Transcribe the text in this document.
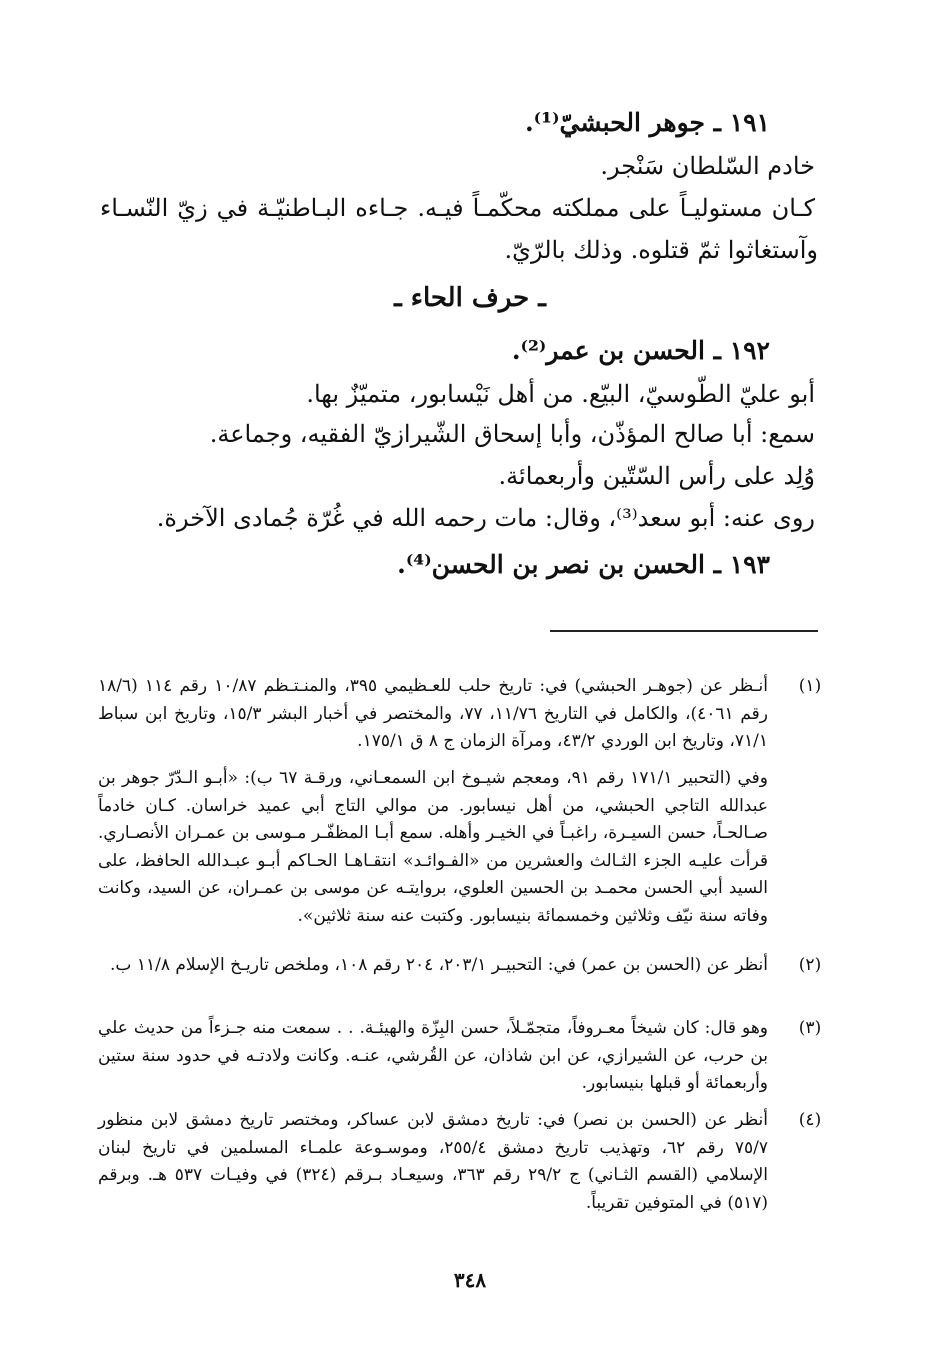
١٩١ ـ جوهر الحبشيّ⁽¹⁾.
خادم السّلطان سَنْجر.
كـان مستوليـاً على مملكته محكّمـاً فيـه. جـاءه البـاطنيّـة في زيّ النّسـاء
وآستغاثوا ثمّ قتلوه. وذلك بالرّيّ.
ـ حرف الحاء ـ
١٩٢ ـ الحسن بن عمر⁽²⁾.
أبو عليّ الطّوسيّ، البيّع. من أهل نَيْسابور، متميّزٌ بها.
سمع: أبا صالح المؤذّن، وأبا إسحاق الشّيرازيّ الفقيه، وجماعة.
وُلِد على رأس السّتّين وأربعمائة.
روى عنه: أبو سعد⁽³⁾، وقال: مات رحمه الله في غُرّة جُمادى الآخرة.
١٩٣ ـ الحسن بن نصر بن الحسن⁽⁴⁾.
(١)
أنـظر عن (جوهـر الحبشي) في: تاريخ حلب للعـظيمي ٣٩٥، والمنـتـظم ١٠/٨٧ رقم ١١٤ (١٨/٦ رقم ٤٠٦١)، والكامل في التاريخ ١١/٧٦، ٧٧، والمختصر في أخبار البشر ١٥/٣، وتاريخ ابن سباط ٧١/١، وتاريخ ابن الوردي ٤٣/٢، ومرآة الزمان ج ٨ ق ١٧٥/١.
وفي (التحبير ١٧١/١ رقم ٩١، ومعجم شيـوخ ابن السمعـاني، ورقـة ٦٧ ب): «أبـو الـدّرّ جوهر بن عبدالله التاجي الحبشي، من أهل نيسابور. من موالي التاج أبي عميد خراسان. كـان خادماً صـالحـاً، حسن السيـرة، راغبـاً في الخيـر وأهله. سمع أبـا المظفّـر مـوسى بن عمـران الأنصـاري. قرأت عليـه الجزء الثـالث والعشرين من «الفـوائـد» انتقـاهـا الحـاكم أبـو عبـدالله الحافظ، على السيد أبي الحسن محمـد بن الحسين العلوي، بروايتـه عن موسى بن عمـران، عن السيد، وكانت وفاته سنة نيّف وثلاثين وخمسمائة بنيسابور. وكتبت عنه سنة ثلاثين».
(٢)
أنظر عن (الحسن بن عمر) في: التحبيـر ٢٠٣/١، ٢٠٤ رقم ١٠٨، وملخص تاريـخ الإسلام ١١/٨ ب.
(٣)
وهو قال: كان شيخاً معـروفاً، متجمّـلاً، حسن البِزّة والهيئـة. . . سمعت منه جـزءاً من حديث علي بن حرب، عن الشيرازي، عن ابن شاذان، عن القُرشي، عنـه. وكانت ولادتـه في حدود سنة ستين وأربعمائة أو قبلها بنيسابور.
(٤)
أنظر عن (الحسن بن نصر) في: تاريخ دمشق لابن عساكر، ومختصر تاريخ دمشق لابن منظور ٧٥/٧ رقم ٦٢، وتهذيب تاريخ دمشق ٢٥٥/٤، وموسـوعة علمـاء المسلمين في تاريخ لبنان الإسلامي (القسم الثـاني) ج ٢٩/٢ رقم ٣٦٣، وسيعـاد بـرقم (٣٢٤) في وفيـات ٥٣٧ هـ. وبرقم (٥١٧) في المتوفين تقريباً.
٣٤٨
